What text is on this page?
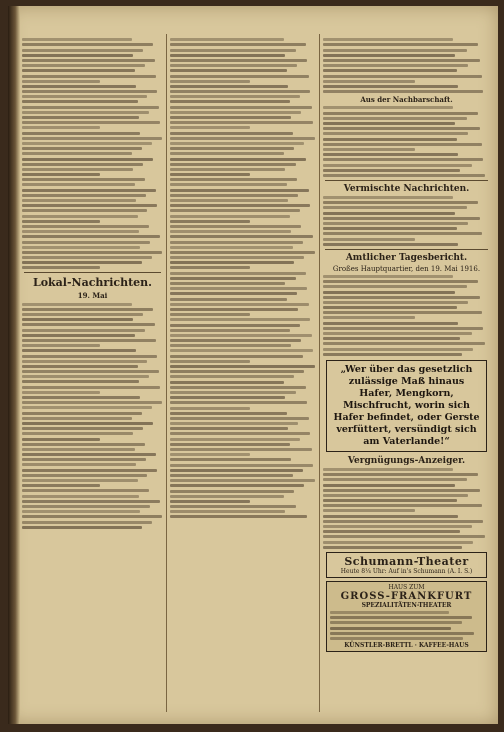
Lokal-Nachrichten.
19. Mai
Aus der Nachbarschaft.
Vermischte Nachrichten.
Amtlicher Tagesbericht.
Großes Hauptquartier, den 19. Mai 1916.
„Wer über das gesetzlich zulässige Maß hinaus Hafer, Mengkorn, Mischfrucht, worin sich Hafer befindet, oder Gerste verfüttert, versündigt sich am Vaterlande!“
Vergnügungs-Anzeiger.
Schumann-Theater
Heute 8¼ Uhr: Auf in's Schumann (A. I. S.)
HAUS ZUM
GROSS-FRANKFURT
SPEZIALITÄTEN-THEATER
KÜNSTLER-BRETTL · KAFFEE-HAUS
